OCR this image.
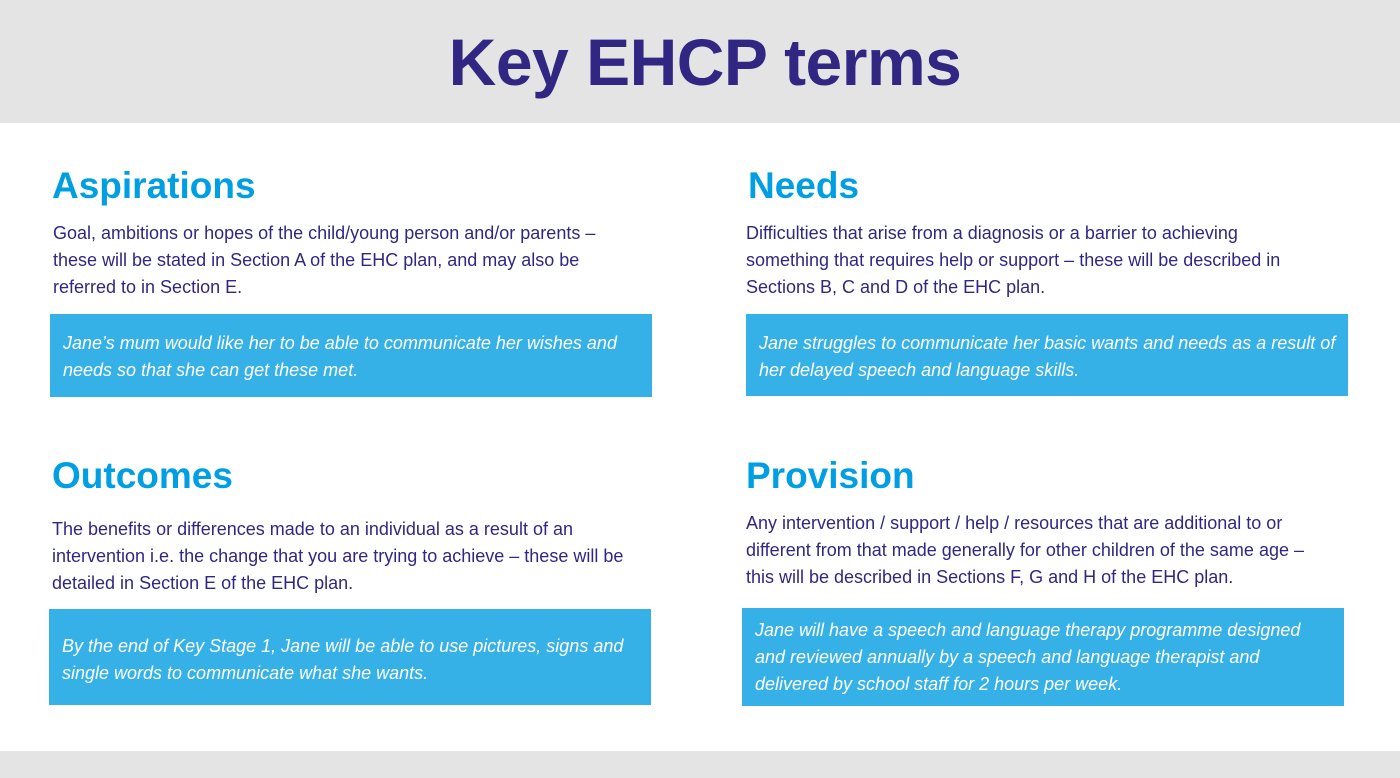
Key EHCP terms
Aspirations

Goal, ambitions or hopes of the child/young person and/or parents – these will be stated in Section A of the EHC plan, and may also be referred to in Section E.

Jane’s mum would like her to be able to communicate her wishes and needs so that she can get these met.

Needs

Difficulties that arise from a diagnosis or a barrier to achieving something that requires help or support – these will be described in Sections B, C and D of the EHC plan.

Jane struggles to communicate her basic wants and needs as a result of her delayed speech and language skills.

Outcomes

The benefits or differences made to an individual as a result of an intervention i.e. the change that you are trying to achieve – these will be detailed in Section E of the EHC plan.

By the end of Key Stage 1, Jane will be able to use pictures, signs and single words to communicate what she wants.

Provision

Any intervention / support / help / resources that are additional to or different from that made generally for other children of the same age – this will be described in Sections F, G and H of the EHC plan.

Jane will have a speech and language therapy programme designed and reviewed annually by a speech and language therapist and delivered by school staff for 2 hours per week.
